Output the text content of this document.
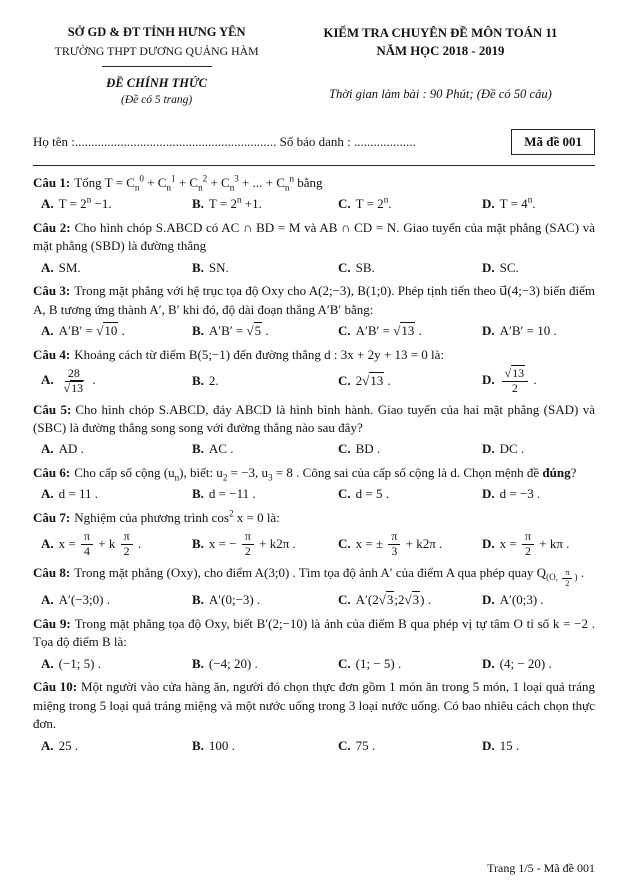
SỞ GD & ĐT TỈNH HƯNG YÊN
TRƯỜNG THPT DƯƠNG QUẢNG HÀM
ĐỀ CHÍNH THỨC
(Đề có 5 trang)
KIỂM TRA CHUYÊN ĐỀ MÔN TOÁN 11
NĂM HỌC 2018 - 2019
Thời gian làm bài : 90 Phút; (Đề có 50 câu)
Họ tên :.............................................................. Số báo danh : ...................	Mã đề 001
Câu 1: Tổng $T = C_n^0 + C_n^1 + C_n^2 + C_n^3$ + ... + $C_n^n$ bằng
A. $T = 2^n -1$.	B. $T = 2^n +1$.	C. $T = 2^n$.	D. $T = 4^n$.
Câu 2: Cho hình chóp S.ABCD có AC ∩ BD = M và AB ∩ CD = N. Giao tuyến của mặt phẳng (SAC) và mặt phẳng (SBD) là đường thẳng
A. SM.	B. SN.	C. SB.	D. SC.
Câu 3: Trong mặt phẳng với hệ trục tọa độ Oxy cho A(2;−3), B(1;0). Phép tịnh tiến theo u⃗(4;−3) biến điểm A, B tương ứng thành A′, B′ khi đó, độ dài đoạn thẳng A′B′ bằng:
A. A′B′ = √10 .	B. A′B′ = √5 .	C. A′B′ = √13 .	D. A′B′ = 10 .
Câu 4: Khoảng cách từ điểm B(5;−1) đến đường thẳng d : 3x + 2y + 13 = 0 là:
A. $\frac{28}{√13}$ .	B. 2.	C. 2√13 .	D. $\frac{√13}{2}$ .
Câu 5: Cho hình chóp S.ABCD, đáy ABCD là hình bình hành. Giao tuyến của hai mặt phẳng (SAD) và (SBC) là đường thẳng song song với đường thẳng nào sau đây?
A. AD .	B. AC .	C. BD .	D. DC .
Câu 6: Cho cấp số cộng $(u_n)$, biết: $u_2 = -3$, $u_3 = 8$ . Công sai của cấp số cộng là d. Chọn mệnh đề đúng?
A. d = 11 .	B. d = −11 .	C. d = 5 .	D. d = −3 .
Câu 7: Nghiệm của phương trình $\cos^2 x = 0$ là:
A. $x = \frac{\pi}{4} + k \frac{\pi}{2}$ .	B. x = − $\frac{\pi}{2} + k2\pi$ .	C. x = ± $\frac{\pi}{3} + k2\pi$ .	D. $x = \frac{\pi}{2} + k\pi$ .
Câu 8: Trong mặt phẳng (Oxy), cho điểm A(3;0) . Tìm tọa độ ảnh A′ của điểm A qua phép quay $Q_{(O, \frac{\pi}{2} )}$ .
A. A′(−3;0) .	B. A′(0;−3) .	C. A′(2√3;2√3) .	D. A′(0;3) .
Câu 9: Trong mặt phẳng tọa độ Oxy, biết B′(2;−10) là ảnh của điểm B qua phép vị tự tâm O tỉ số k = −2 . Tọa độ điểm B là:
A. (−1; 5) .	B. (−4; 20) .	C. (1; − 5) .	D. (4; − 20) .
Câu 10: Một người vào cửa hàng ăn, người đó chọn thực đơn gồm 1 món ăn trong 5 món, 1 loại quả tráng miệng trong 5 loại quả tráng miệng và một nước uống trong 3 loại nước uống. Có bao nhiêu cách chọn thực đơn.
A. 25 .	B. 100 .	C. 75 .	D. 15 .
Trang 1/5 - Mã đề 001
